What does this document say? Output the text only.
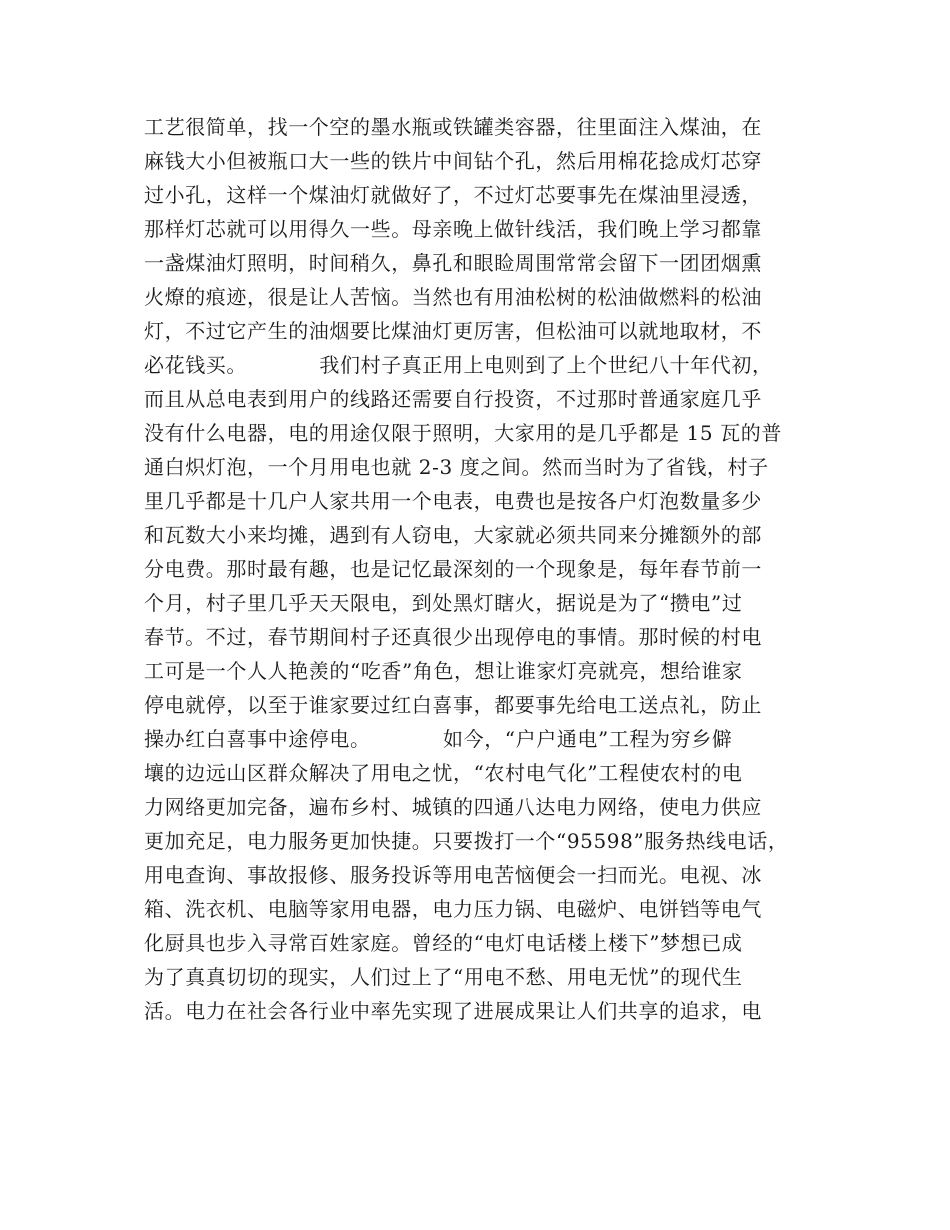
工艺很简单，找一个空的墨水瓶或铁罐类容器，往里面注入煤油，在
麻钱大小但被瓶口大一些的铁片中间钻个孔，然后用棉花捻成灯芯穿
过小孔，这样一个煤油灯就做好了，不过灯芯要事先在煤油里浸透，
那样灯芯就可以用得久一些。母亲晚上做针线活，我们晚上学习都靠
一盏煤油灯照明，时间稍久，鼻孔和眼睑周围常常会留下一团团烟熏
火燎的痕迹，很是让人苦恼。当然也有用油松树的松油做燃料的松油
灯，不过它产生的油烟要比煤油灯更厉害，但松油可以就地取材，不
必花钱买。　　　　我们村子真正用上电则到了上个世纪八十年代初，
而且从总电表到用户的线路还需要自行投资，不过那时普通家庭几乎
没有什么电器，电的用途仅限于照明，大家用的是几乎都是 15 瓦的普
通白炽灯泡，一个月用电也就 2-3 度之间。然而当时为了省钱，村子
里几乎都是十几户人家共用一个电表，电费也是按各户灯泡数量多少
和瓦数大小来均摊，遇到有人窃电，大家就必须共同来分摊额外的部
分电费。那时最有趣，也是记忆最深刻的一个现象是，每年春节前一
个月，村子里几乎天天限电，到处黑灯瞎火，据说是为了“攒电”过
春节。不过，春节期间村子还真很少出现停电的事情。那时候的村电
工可是一个人人艳羡的“吃香”角色，想让谁家灯亮就亮，想给谁家
停电就停，以至于谁家要过红白喜事，都要事先给电工送点礼，防止
操办红白喜事中途停电。　　　　如今，“户户通电”工程为穷乡僻
壤的边远山区群众解决了用电之忧，“农村电气化”工程使农村的电
力网络更加完备，遍布乡村、城镇的四通八达电力网络，使电力供应
更加充足，电力服务更加快捷。只要拨打一个“95598”服务热线电话，
用电查询、事故报修、服务投诉等用电苦恼便会一扫而光。电视、冰
箱、洗衣机、电脑等家用电器，电力压力锅、电磁炉、电饼铛等电气
化厨具也步入寻常百姓家庭。曾经的“电灯电话楼上楼下”梦想已成
为了真真切切的现实，人们过上了“用电不愁、用电无忧”的现代生
活。电力在社会各行业中率先实现了进展成果让人们共享的追求，电
